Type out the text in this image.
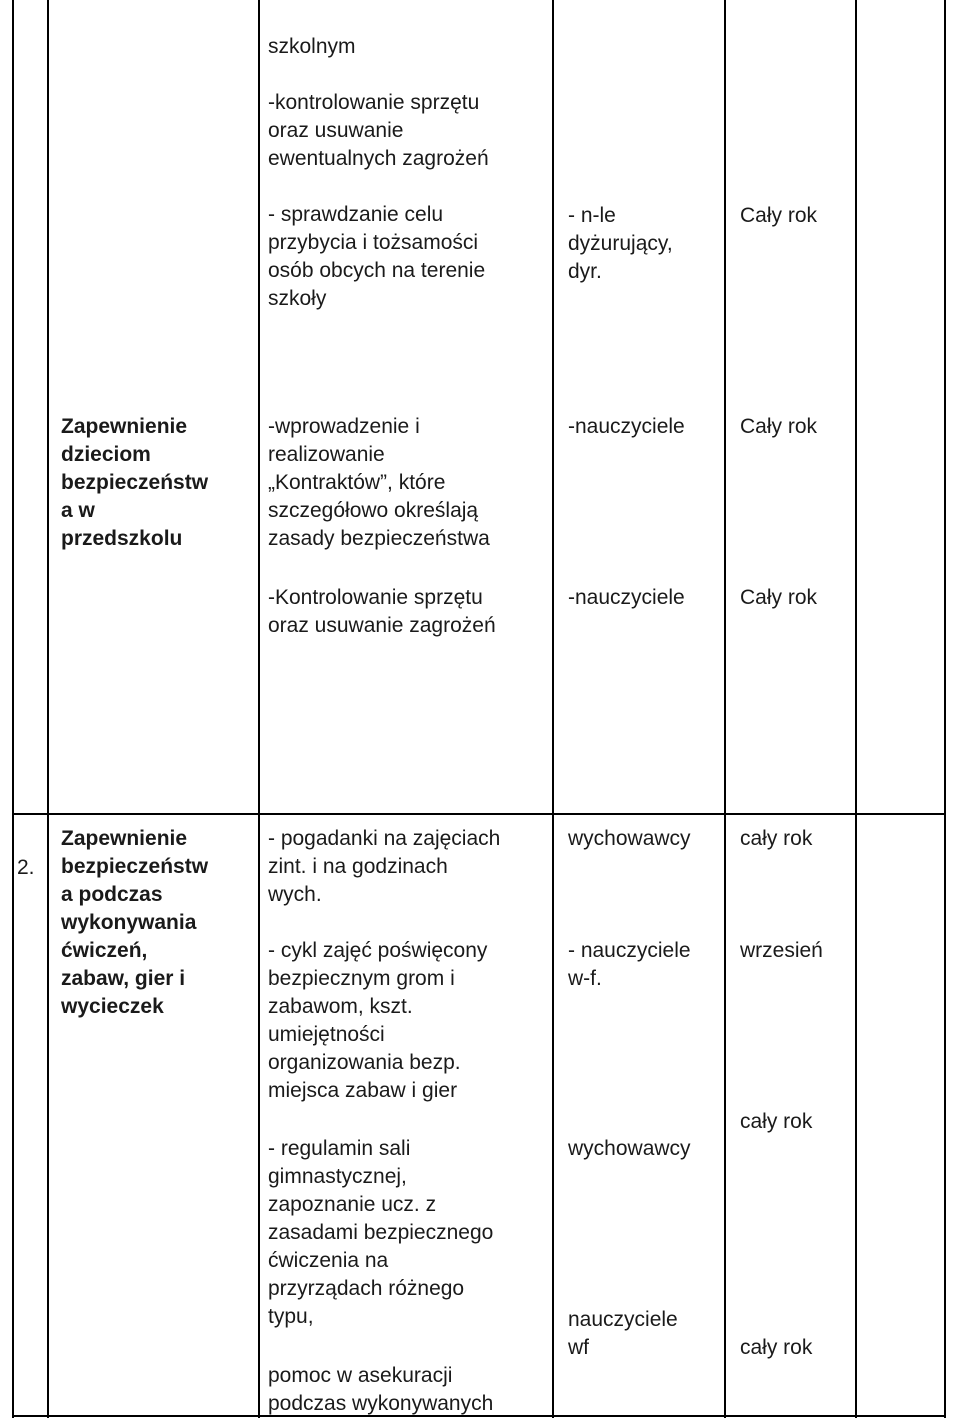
szkolnym

-kontrolowanie sprzętu
oraz usuwanie
ewentualnych zagrożeń

- sprawdzanie celu
przybycia i tożsamości
osób obcych na terenie
szkoły
- n-le
dyżurujący,
dyr.
Cały rok
Zapewnienie
dzieciom
bezpieczeństw
a w
przedszkolu
-wprowadzenie i
realizowanie
„Kontraktów”, które
szczegółowo określają
zasady bezpieczeństwa
-nauczyciele	Cały rok
-Kontrolowanie sprzętu
oraz usuwanie zagrożeń
-nauczyciele	Cały rok
2.
Zapewnienie
bezpieczeństw
a podczas
wykonywania
ćwiczeń,
zabaw, gier i
wycieczek
- pogadanki na zajęciach
zint. i na godzinach
wych.
- cykl zajęć poświęcony
bezpiecznym grom i
zabawom, kszt.
umiejętności
organizowania bezp.
miejsca zabaw i gier
- regulamin sali
gimnastycznej,
zapoznanie ucz. z
zasadami bezpiecznego
ćwiczenia na
przyrządach różnego
typu,
pomoc w asekuracji
podczas wykonywanych
wychowawcy
- nauczyciele
w-f.
wychowawcy
nauczyciele
wf
cały rok
wrzesień
cały rok
cały rok
